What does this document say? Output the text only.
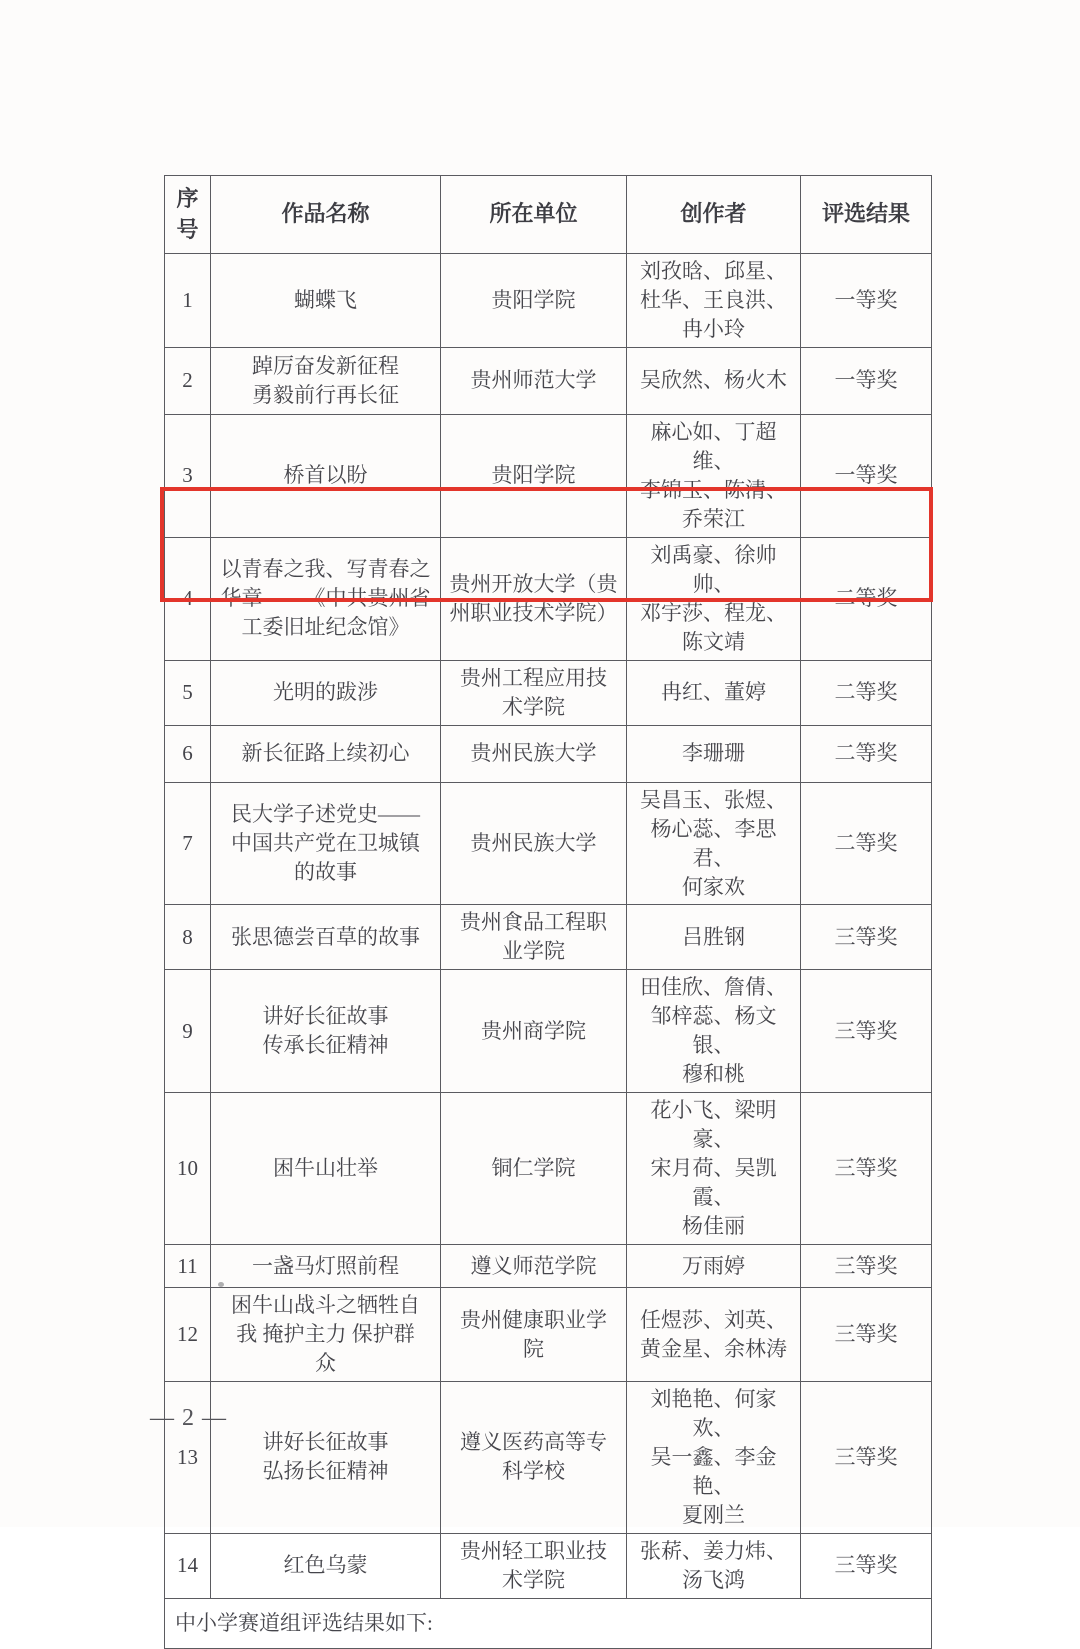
序号	作品名称	所在单位	创作者	评选结果
1	蝴蝶飞	贵阳学院	刘孜晗、邱星、
杜华、王良洪、
冉小玲	一等奖
2	踔厉奋发新征程
勇毅前行再长征	贵州师范大学	吴欣然、杨火木	一等奖
3	桥首以盼	贵阳学院	麻心如、丁超维、
李锦玉、陈清、
乔荣江	一等奖
4	以青春之我、写青春之
华章——《中共贵州省
工委旧址纪念馆》	贵州开放大学（贵
州职业技术学院）	刘禹豪、徐帅帅、
邓宇莎、程龙、
陈文靖	二等奖
5	光明的跋涉	贵州工程应用技
术学院	冉红、董婷	二等奖
6	新长征路上续初心	贵州民族大学	李珊珊	二等奖
7	民大学子述党史——
中国共产党在卫城镇
的故事	贵州民族大学	吴昌玉、张煜、
杨心蕊、李思君、
何家欢	二等奖
8	张思德尝百草的故事	贵州食品工程职
业学院	吕胜钢	三等奖
9	讲好长征故事
传承长征精神	贵州商学院	田佳欣、詹倩、
邹梓蕊、杨文银、
穆和桃	三等奖
10	困牛山壮举	铜仁学院	花小飞、梁明豪、
宋月荷、吴凯霞、
杨佳丽	三等奖
11	一盏马灯照前程	遵义师范学院	万雨婷	三等奖
12	困牛山战斗之牺牲自
我 掩护主力 保护群
众	贵州健康职业学
院	任煜莎、刘英、
黄金星、余林涛	三等奖
13	讲好长征故事
弘扬长征精神	遵义医药高等专
科学校	刘艳艳、何家欢、
吴一鑫、李金艳、
夏刚兰	三等奖
14	红色乌蒙	贵州轻工职业技
术学院	张菥、姜力炜、
汤飞鸿	三等奖
中小学赛道组评选结果如下:				
— 2 —
